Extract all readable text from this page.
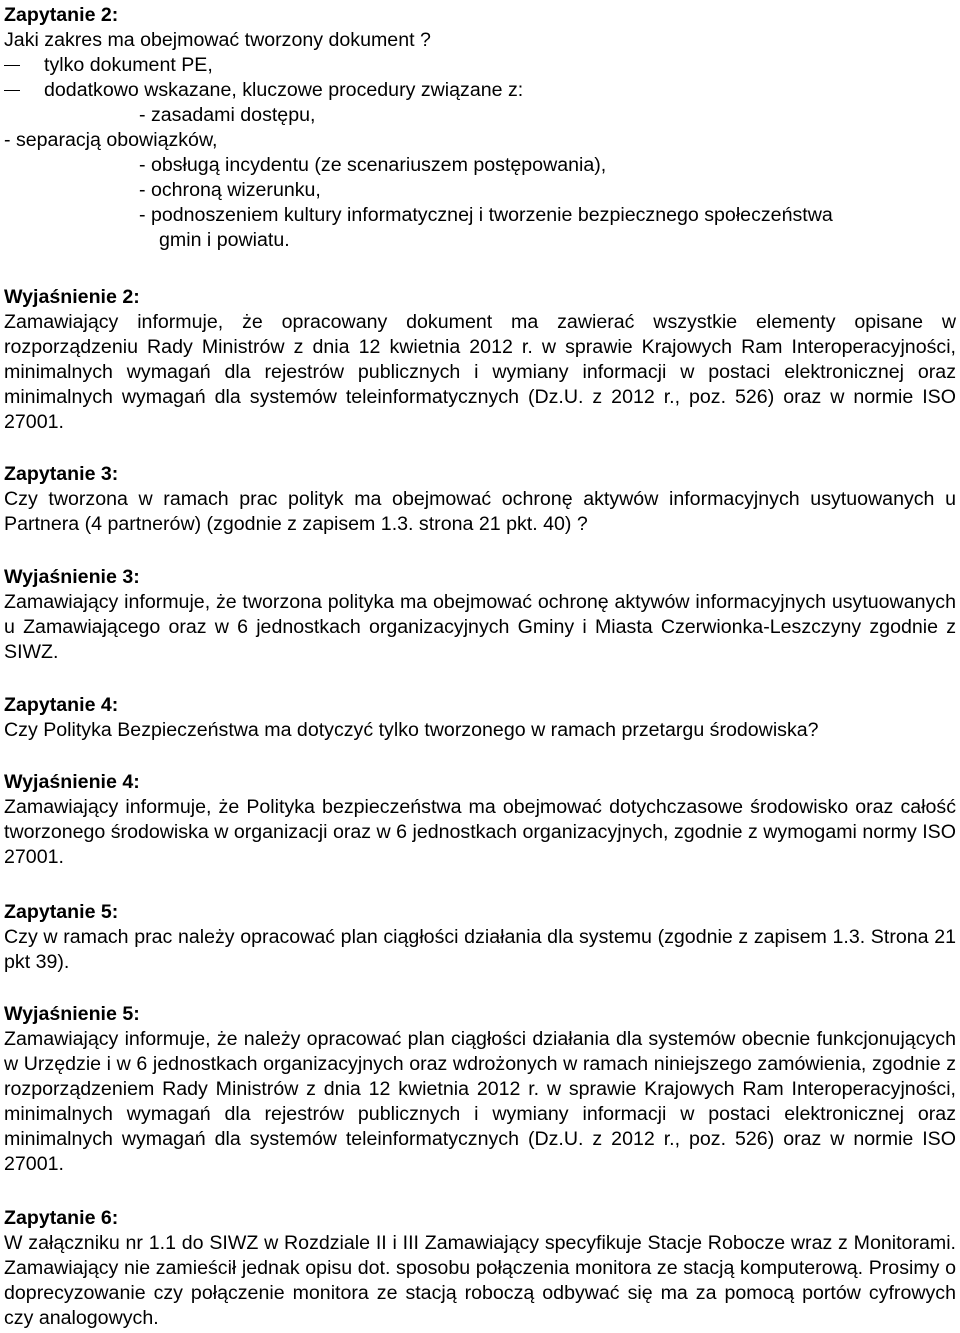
Zapytanie 2:
Jaki zakres ma obejmować tworzony dokument ?
tylko dokument PE,
dodatkowo wskazane, kluczowe procedury związane z:
- zasadami dostępu,
- separacją obowiązków,
- obsługą incydentu (ze scenariuszem postępowania),
- ochroną wizerunku,
- podnoszeniem kultury informatycznej i tworzenie bezpiecznego społeczeństwa
gmin i powiatu.
Wyjaśnienie 2:
Zamawiający informuje, że opracowany dokument ma zawierać wszystkie elementy opisane w rozporządzeniu Rady Ministrów z dnia 12 kwietnia 2012 r. w sprawie Krajowych Ram Interoperacyjności, minimalnych wymagań dla rejestrów publicznych i wymiany informacji w postaci elektronicznej oraz minimalnych wymagań dla systemów teleinformatycznych (Dz.U. z 2012 r., poz. 526) oraz w normie ISO 27001.
Zapytanie 3:
Czy tworzona w ramach prac polityk ma obejmować ochronę aktywów informacyjnych usytuowanych u Partnera (4 partnerów) (zgodnie z zapisem 1.3. strona 21 pkt. 40) ?
Wyjaśnienie 3:
Zamawiający informuje, że tworzona polityka ma obejmować ochronę aktywów informacyjnych usytuowanych u Zamawiającego oraz w 6 jednostkach organizacyjnych Gminy i Miasta Czerwionka-Leszczyny zgodnie z SIWZ.
Zapytanie 4:
Czy Polityka Bezpieczeństwa ma dotyczyć tylko tworzonego w ramach przetargu środowiska?
Wyjaśnienie 4:
Zamawiający informuje, że Polityka bezpieczeństwa ma obejmować dotychczasowe środowisko oraz całość tworzonego środowiska w organizacji oraz w 6 jednostkach organizacyjnych, zgodnie z wymogami normy ISO 27001.
Zapytanie 5:
Czy w ramach prac należy opracować plan ciągłości działania dla systemu (zgodnie z zapisem 1.3. Strona 21 pkt 39).
Wyjaśnienie 5:
Zamawiający informuje, że należy opracować plan ciągłości działania dla systemów obecnie funkcjonujących w Urzędzie i w 6 jednostkach organizacyjnych oraz wdrożonych w ramach niniejszego zamówienia, zgodnie z rozporządzeniem Rady Ministrów z dnia 12 kwietnia 2012 r. w sprawie Krajowych Ram Interoperacyjności, minimalnych wymagań dla rejestrów publicznych i wymiany informacji w postaci elektronicznej oraz minimalnych wymagań dla systemów teleinformatycznych (Dz.U. z 2012 r., poz. 526) oraz w normie ISO 27001.
Zapytanie 6:
W załączniku nr 1.1 do SIWZ w Rozdziale II i III Zamawiający specyfikuje Stacje Robocze wraz z Monitorami. Zamawiający nie zamieścił jednak opisu dot. sposobu połączenia monitora ze stacją komputerową. Prosimy o doprecyzowanie czy połączenie monitora ze stacją roboczą odbywać się ma za pomocą portów cyfrowych czy analogowych.
